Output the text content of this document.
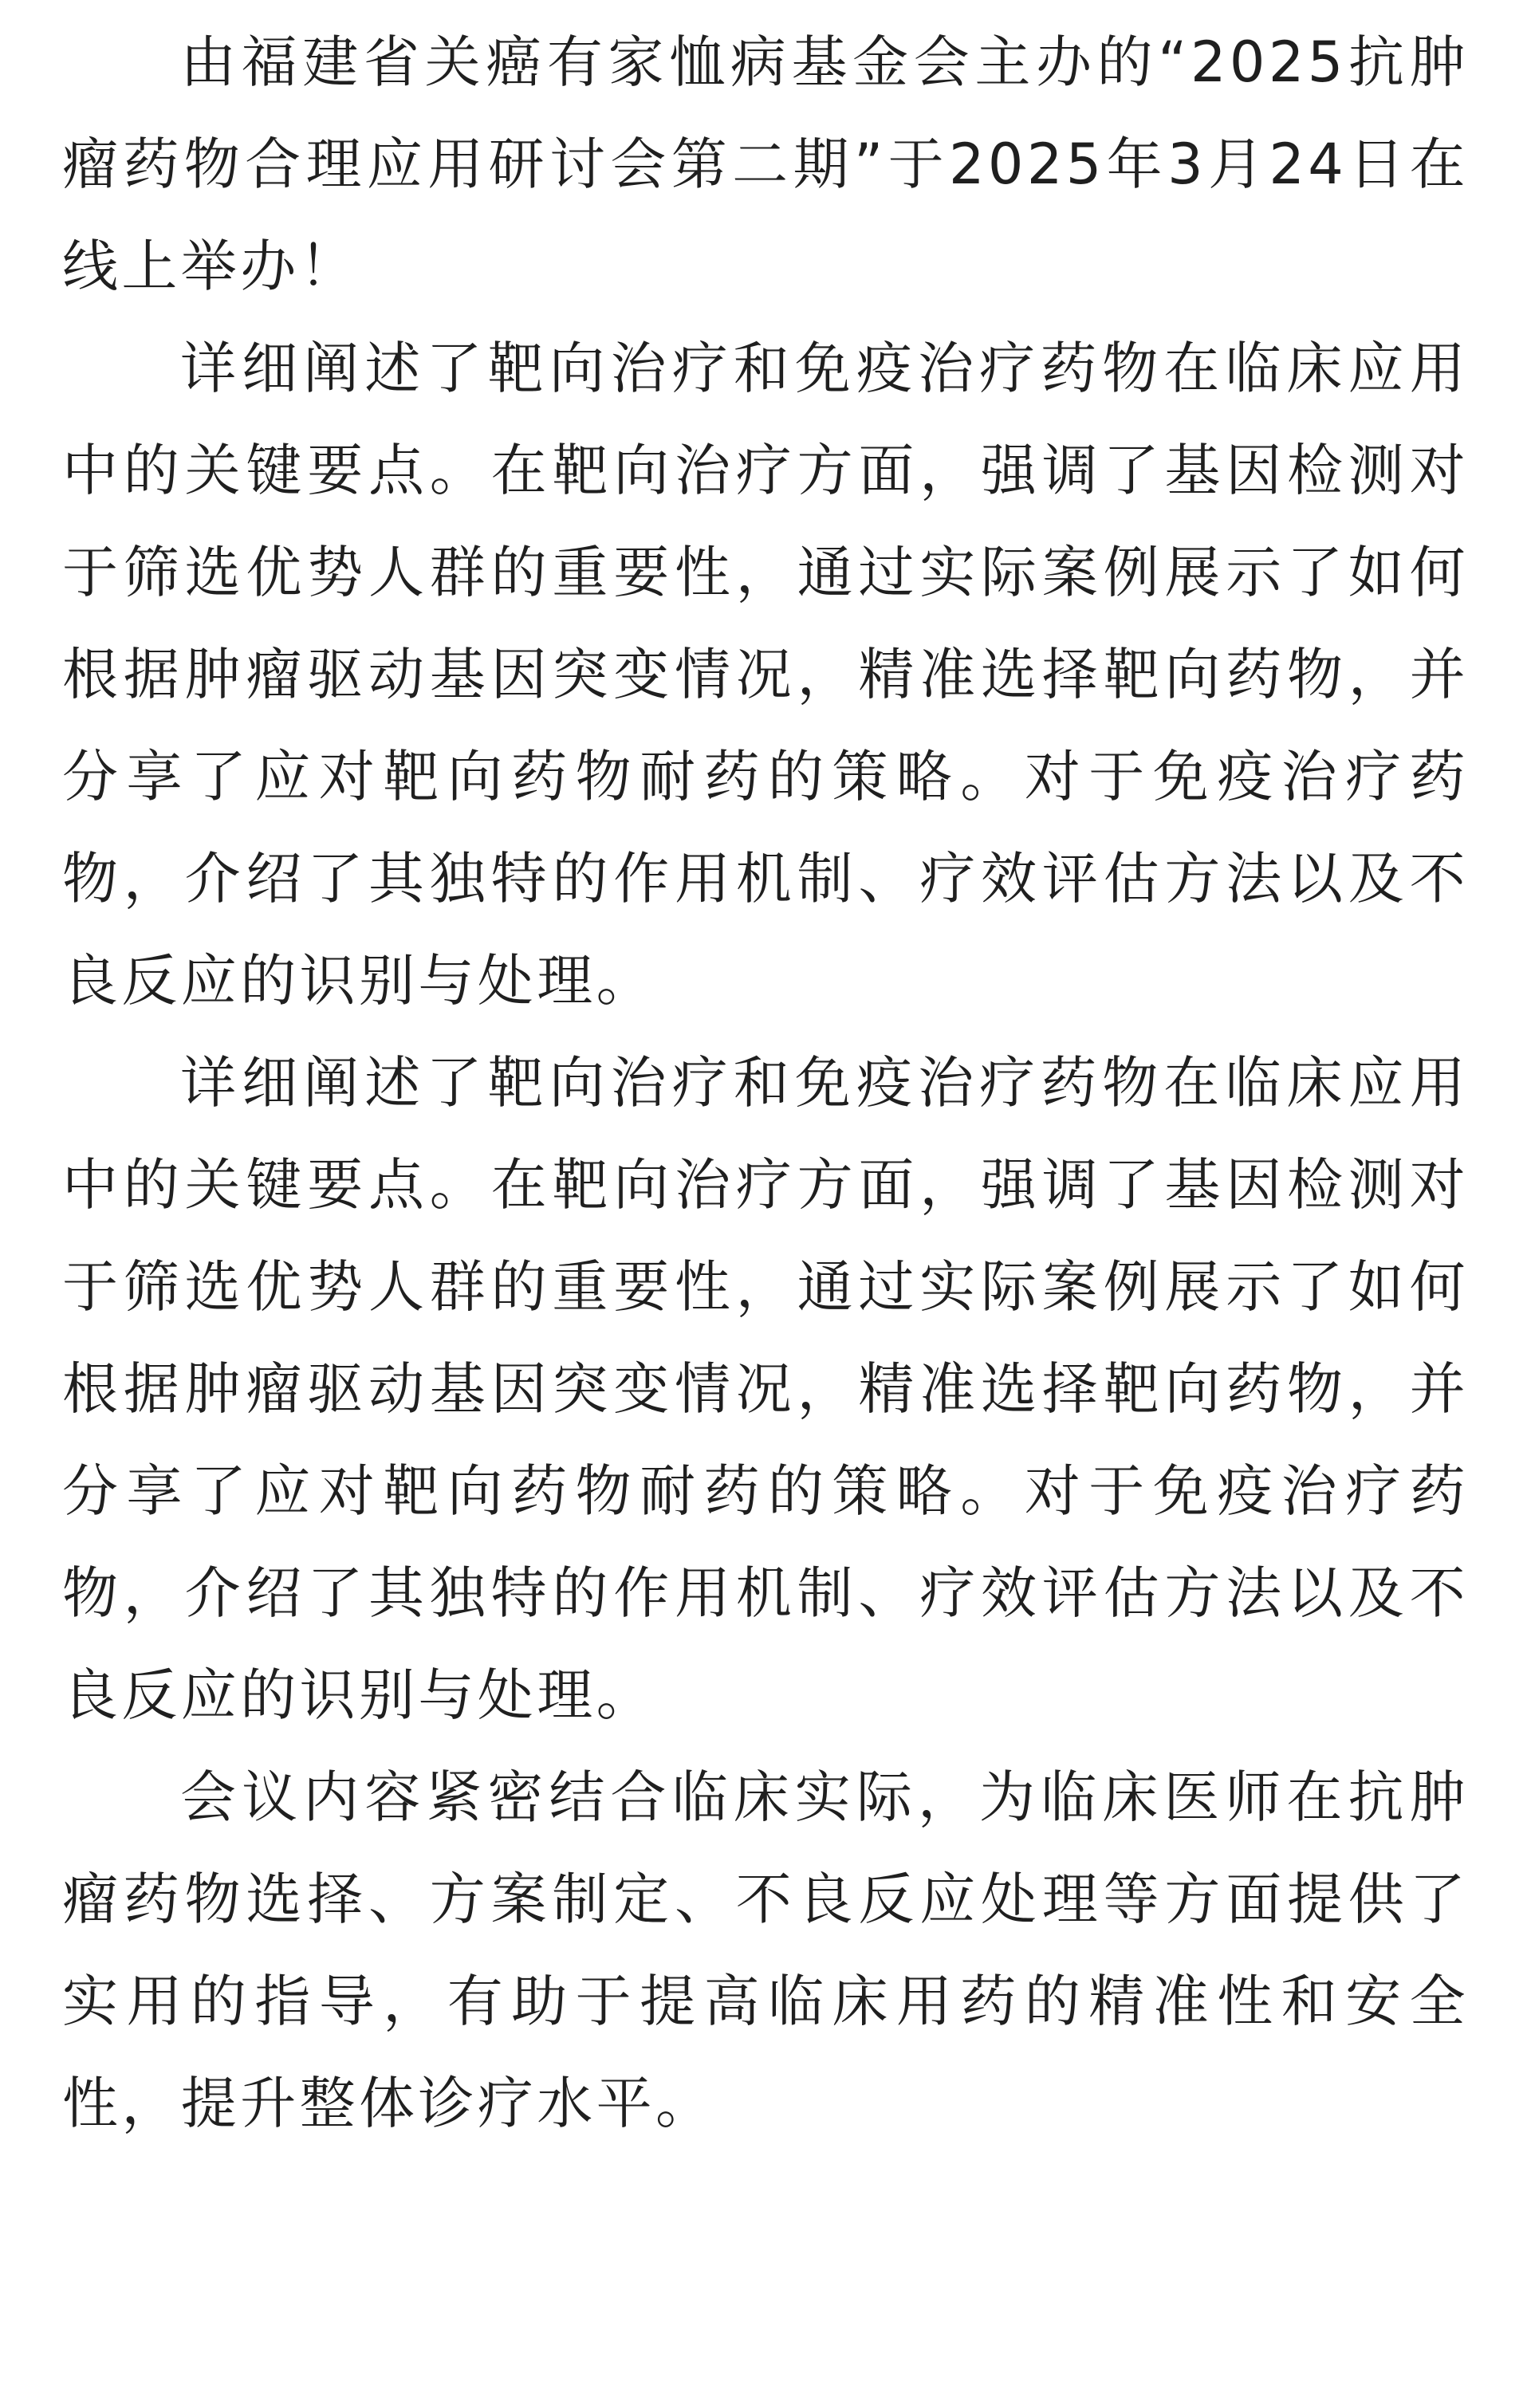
由福建省关癌有家恤病基金会主办的“2025抗肿瘤药物合理应用研讨会第二期”于2025年3月24日在线上举办！

详细阐述了靶向治疗和免疫治疗药物在临床应用中的关键要点。在靶向治疗方面，强调了基因检测对于筛选优势人群的重要性，通过实际案例展示了如何根据肿瘤驱动基因突变情况，精准选择靶向药物，并分享了应对靶向药物耐药的策略。对于免疫治疗药物，介绍了其独特的作用机制、疗效评估方法以及不良反应的识别与处理。

详细阐述了靶向治疗和免疫治疗药物在临床应用中的关键要点。在靶向治疗方面，强调了基因检测对于筛选优势人群的重要性，通过实际案例展示了如何根据肿瘤驱动基因突变情况，精准选择靶向药物，并分享了应对靶向药物耐药的策略。对于免疫治疗药物，介绍了其独特的作用机制、疗效评估方法以及不良反应的识别与处理。

会议内容紧密结合临床实际，为临床医师在抗肿瘤药物选择、方案制定、不良反应处理等方面提供了实用的指导，有助于提高临床用药的精准性和安全性，提升整体诊疗水平。
